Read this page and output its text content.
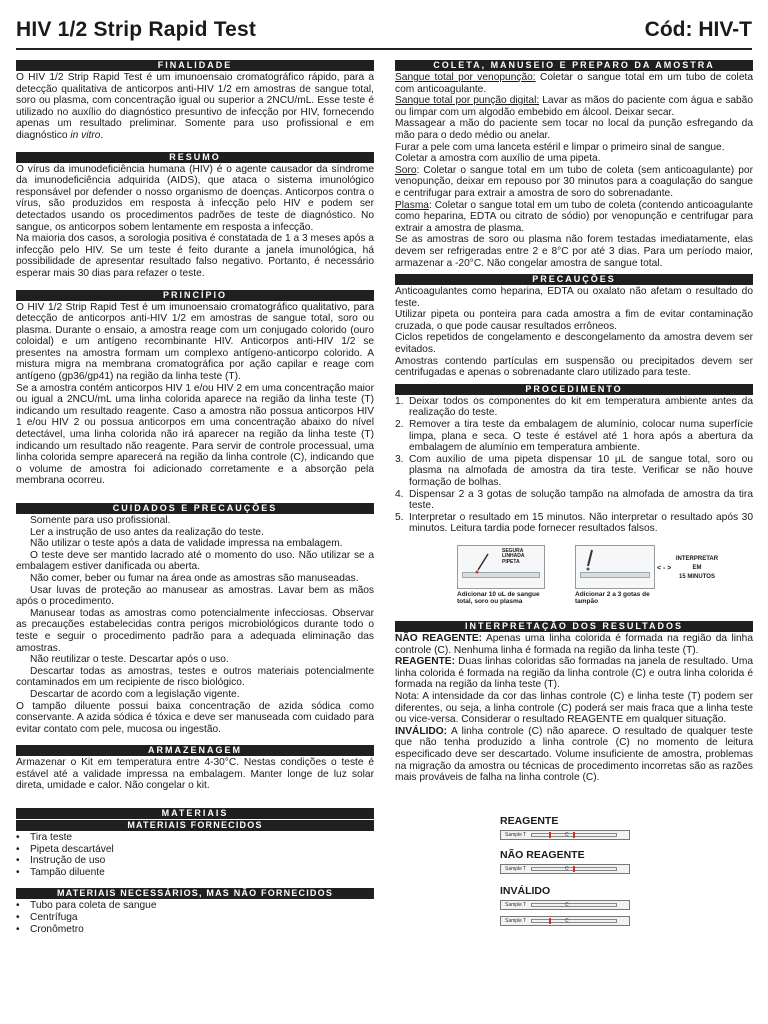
HIV 1/2 Strip Rapid Test	Cód: HIV-T
FINALIDADE

O HIV 1/2 Strip Rapid Test é um imunoensaio cromatográfico rápido, para a detecção qualitativa de anticorpos anti-HIV 1/2 em amostras de sangue total, soro ou plasma, com concentração igual ou superior a 2NCU/mL. Esse teste é utilizado no auxílio do diagnóstico presuntivo de infecção por HIV, fornecendo apenas um resultado preliminar. Somente para uso profissional e em diagnóstico in vitro.

RESUMO

O vírus da imunodeficiência humana (HIV) é o agente causador da síndrome da imunodeficiência adquirida (AIDS), que ataca o sistema imunológico responsável por defender o nosso organismo de doenças. Anticorpos contra o vírus, são produzidos em resposta à infecção pelo HIV e podem ser detectados usando os procedimentos padrões de teste de diagnóstico. No sangue, os anticorpos sobem lentamente em resposta a infecção.

Na maioria dos casos, a sorologia positiva é constatada de 1 a 3 meses após a infecção pelo HIV. Se um teste é feito durante a janela imunológica, há possibilidade de apresentar resultado falso negativo. Portanto, é necessário esperar mais 30 dias para refazer o teste.

PRINCÍPIO

O HIV 1/2 Strip Rapid Test é um imunoensaio cromatográfico qualitativo, para detecção de anticorpos anti-HIV 1/2 em amostras de sangue total, soro ou plasma. Durante o ensaio, a amostra reage com um conjugado colorido (ouro coloidal) e um antígeno recombinante HIV. Anticorpos anti-HIV 1/2 se presentes na amostra formam um complexo antígeno-anticorpo colorido. A mistura migra na membrana cromatográfica por ação capilar e reage com antígeno (gp36/gp41) na região da linha teste (T).

Se a amostra contém anticorpos HIV 1 e/ou HIV 2 em uma concentração maior ou igual a 2NCU/mL uma linha colorida aparece na região da linha teste (T) indicando um resultado reagente. Caso a amostra não possua anticorpos HIV 1 e/ou HIV 2 ou possua anticorpos em uma concentração abaixo do nível detectável, uma linha colorida não irá aparecer na região da linha teste (T) indicando um resultado não reagente. Para servir de controle processual, uma linha colorida sempre aparecerá na região da linha controle (C), indicando que o volume de amostra foi adicionado corretamente e a absorção pela membrana ocorreu.

CUIDADOS E PRECAUÇÕES

Somente para uso profissional.

Ler a instrução de uso antes da realização do teste.

Não utilizar o teste após a data de validade impressa na embalagem.

O teste deve ser mantido lacrado até o momento do uso. Não utilizar se a embalagem estiver danificada ou aberta.

Não comer, beber ou fumar na área onde as amostras são manuseadas.

Usar luvas de proteção ao manusear as amostras. Lavar bem as mãos após o procedimento.

Manusear todas as amostras como potencialmente infecciosas. Observar as precauções estabelecidas contra perigos microbiológicos durante todo o teste e seguir o procedimento padrão para a adequada eliminação das amostras.

Não reutilizar o teste. Descartar após o uso.

Descartar todas as amostras, testes e outros materiais potencialmente contaminados em um recipiente de risco biológico.

Descartar de acordo com a legislação vigente.

O tampão diluente possui baixa concentração de azida sódica como conservante. A azida sódica é tóxica e deve ser manuseada com cuidado para evitar contato com pele, mucosa ou ingestão.

ARMAZENAGEM

Armazenar o Kit em temperatura entre 4-30°C. Nestas condições o teste é estável até a validade impressa na embalagem. Manter longe de luz solar direta, umidade e calor. Não congelar o kit.

MATERIAIS
MATERIAIS FORNECIDOS
• Tira teste
• Pipeta descartável
• Instrução de uso
• Tampão diluente
MATERIAIS NECESSÁRIOS, MAS NÃO FORNECIDOS
• Tubo para coleta de sangue
• Centrífuga
• Cronômetro
COLETA, MANUSEIO E PREPARO DA AMOSTRA

Sangue total por venopunção: Coletar o sangue total em um tubo de coleta com anticoagulante.

Sangue total por punção digital: Lavar as mãos do paciente com água e sabão ou limpar com um algodão embebido em álcool. Deixar secar.

Massagear a mão do paciente sem tocar no local da punção esfregando da mão para o dedo médio ou anelar.

Furar a pele com uma lanceta estéril e limpar o primeiro sinal de sangue.

Coletar a amostra com auxílio de uma pipeta.

Soro: Coletar o sangue total em um tubo de coleta (sem anticoagulante) por venopunção, deixar em repouso por 30 minutos para a coagulação do sangue e centrifugar para extrair a amostra de soro do sobrenadante.

Plasma: Coletar o sangue total em um tubo de coleta (contendo anticoagulante como heparina, EDTA ou citrato de sódio) por venopunção e centrifugar para extrair a amostra de plasma.

Se as amostras de soro ou plasma não forem testadas imediatamente, elas devem ser refrigeradas entre 2 e 8°C por até 3 dias. Para um período maior, armazenar a -20°C. Não congelar amostra de sangue total.

PRECAUÇÕES

Anticoagulantes como heparina, EDTA ou oxalato não afetam o resultado do teste.

Utilizar pipeta ou ponteira para cada amostra a fim de evitar contaminação cruzada, o que pode causar resultados errôneos.

Ciclos repetidos de congelamento e descongelamento da amostra devem ser evitados.

Amostras contendo partículas em suspensão ou precipitados devem ser centrifugadas e apenas o sobrenadante claro utilizado para teste.

PROCEDIMENTO
1. Deixar todos os componentes do kit em temperatura ambiente antes da realização do teste.
2. Remover a tira teste da embalagem de alumínio, colocar numa superfície limpa, plana e seca. O teste é estável até 1 hora após a abertura da embalagem de alumínio em temperatura ambiente.
3. Com auxílio de uma pipeta dispensar 10 µL de sangue total, soro ou plasma na almofada de amostra da tira teste. Verificar se não houve formação de bolhas.
4. Dispensar 2 a 3 gotas de solução tampão na almofada de amostra da tira teste.
5. Interpretar o resultado em 15 minutos. Não interpretar o resultado após 30 minutos. Leitura tardia pode fornecer resultados falsos.
SEGURA
LINHADA
PIPETA
< - >
INTERPRETAR
EM
15 MINUTOS
Adicionar 10 uL de sangue total, soro ou plasma
Adicionar 2 a 3 gotas de tampão
INTERPRETAÇÃO DOS RESULTADOS

NÃO REAGENTE: Apenas uma linha colorida é formada na região da linha controle (C). Nenhuma linha é formada na região da linha teste (T).

REAGENTE: Duas linhas coloridas são formadas na janela de resultado. Uma linha colorida é formada na região da linha controle (C) e outra linha colorida é formada na região da linha teste (T).

Nota: A intensidade da cor das linhas controle (C) e linha teste (T) podem ser diferentes, ou seja, a linha controle (C) poderá ser mais fraca que a linha teste ou vice-versa. Considerar o resultado REAGENTE em qualquer situação.

INVÁLIDO: A linha controle (C) não aparece. O resultado de qualquer teste que não tenha produzido a linha controle (C) no momento de leitura especificado deve ser descartado. Volume insuficiente de amostra, problemas na migração da amostra ou técnicas de procedimento incorretas são as razões mais prováveis de falha na linha controle (C).

REAGENTE
Sample T	C
NÃO REAGENTE
Sample T	C
INVÁLIDO
Sample T	C
Sample T	C
